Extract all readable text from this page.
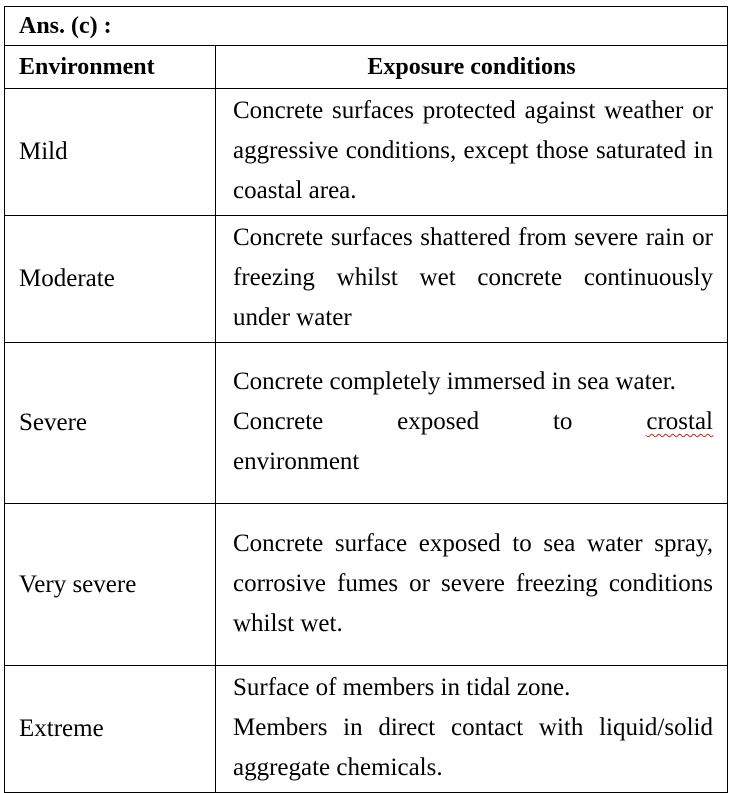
Ans. (c) :	
Environment	Exposure conditions
Mild	Concrete surfaces protected against weather or aggressive conditions, except those saturated in coastal area.

Moderate	Concrete surfaces shattered from severe rain or freezing whilst wet concrete continuously under water

Severe	Concrete completely immersed in sea water.
Concrete exposed to crostal
environment

Very severe	Concrete surface exposed to sea water spray, corrosive fumes or severe freezing conditions whilst wet.

Extreme	Surface of members in tidal zone.
Members in direct contact with liquid/solid aggregate chemicals.
